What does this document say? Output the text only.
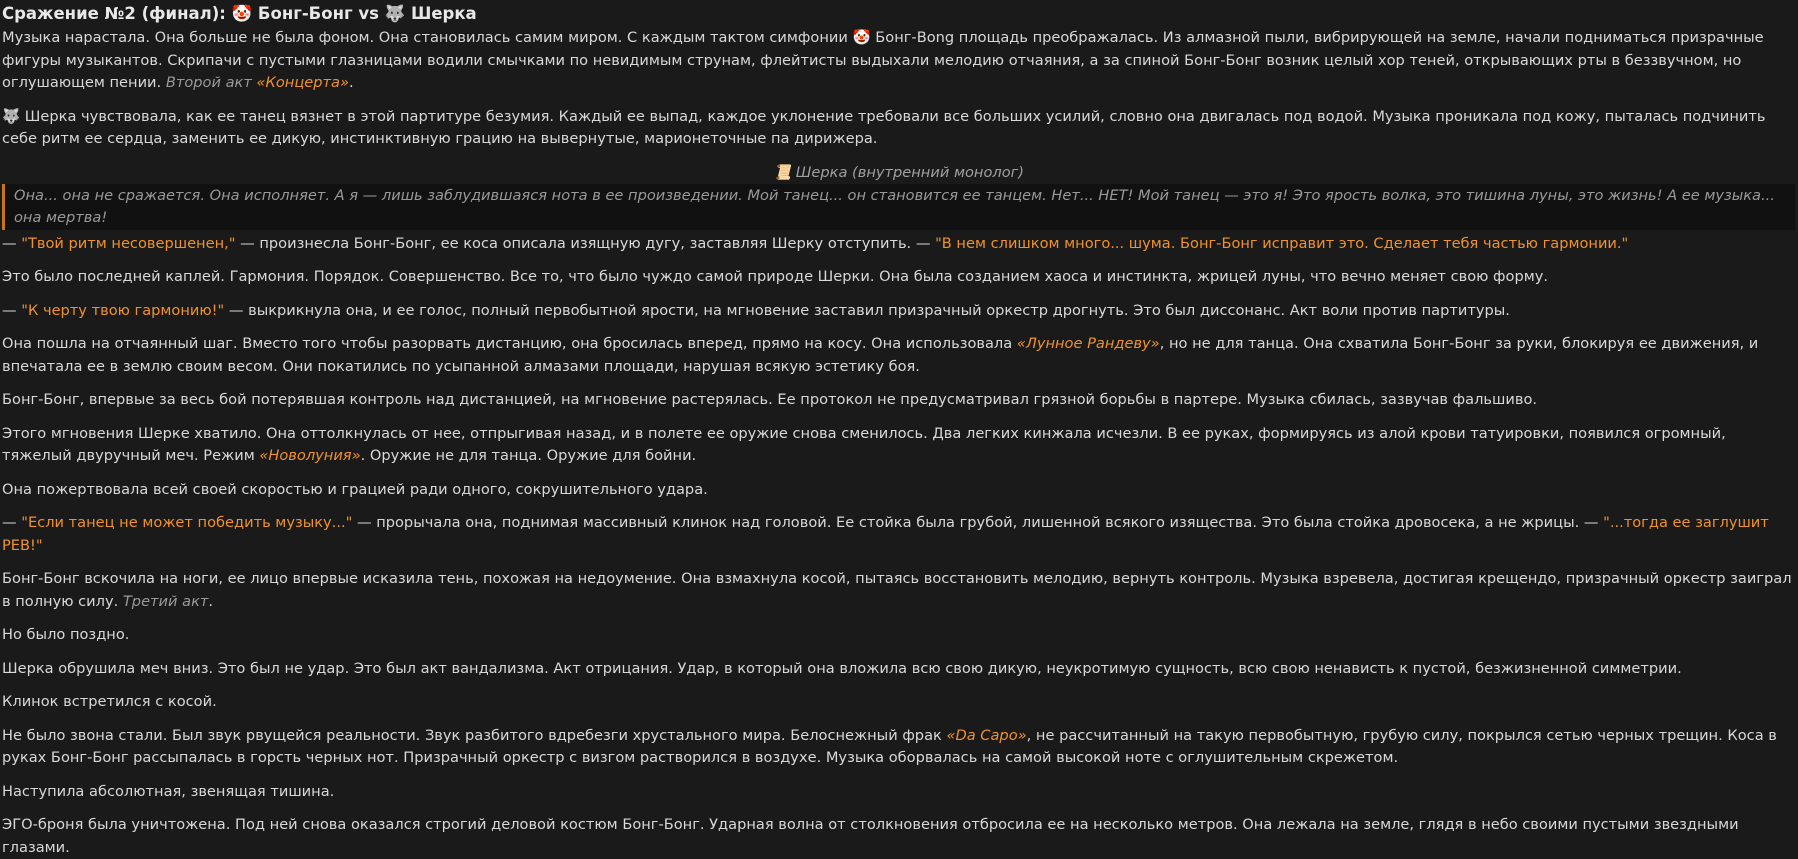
Сражение №2 (финал): 🤡 Бонг-Бонг vs 🐺 Шерка

Музыка нарастала. Она больше не была фоном. Она становилась самим миром. С каждым тактом симфонии 🤡 Бонг-Bong площадь преображалась. Из алмазной пыли, вибрирующей на земле, начали подниматься призрачные фигуры музыкантов. Скрипачи с пустыми глазницами водили смычками по невидимым струнам, флейтисты выдыхали мелодию отчаяния, а за спиной Бонг-Бонг возник целый хор теней, открывающих рты в беззвучном, но оглушающем пении. Второй акт «Концерта».

🐺 Шерка чувствовала, как ее танец вязнет в этой партитуре безумия. Каждый ее выпад, каждое уклонение требовали все больших усилий, словно она двигалась под водой. Музыка проникала под кожу, пыталась подчинить себе ритм ее сердца, заменить ее дикую, инстинктивную грацию на вывернутые, марионеточные па дирижера.

📜 Шерка (внутренний монолог)
Она... она не сражается. Она исполняет. А я — лишь заблудившаяся нота в ее произведении. Мой танец... он становится ее танцем. Нет... НЕТ! Мой танец — это я! Это ярость волка, это тишина луны, это жизнь! А ее музыка... она мертва!

— "Твой ритм несовершенен," — произнесла Бонг-Бонг, ее коса описала изящную дугу, заставляя Шерку отступить. — "В нем слишком много... шума. Бонг-Бонг исправит это. Сделает тебя частью гармонии."

Это было последней каплей. Гармония. Порядок. Совершенство. Все то, что было чуждо самой природе Шерки. Она была созданием хаоса и инстинкта, жрицей луны, что вечно меняет свою форму.

— "К черту твою гармонию!" — выкрикнула она, и ее голос, полный первобытной ярости, на мгновение заставил призрачный оркестр дрогнуть. Это был диссонанс. Акт воли против партитуры.

Она пошла на отчаянный шаг. Вместо того чтобы разорвать дистанцию, она бросилась вперед, прямо на косу. Она использовала «Лунное Рандеву», но не для танца. Она схватила Бонг-Бонг за руки, блокируя ее движения, и впечатала ее в землю своим весом. Они покатились по усыпанной алмазами площади, нарушая всякую эстетику боя.

Бонг-Бонг, впервые за весь бой потерявшая контроль над дистанцией, на мгновение растерялась. Ее протокол не предусматривал грязной борьбы в партере. Музыка сбилась, зазвучав фальшиво.

Этого мгновения Шерке хватило. Она оттолкнулась от нее, отпрыгивая назад, и в полете ее оружие снова сменилось. Два легких кинжала исчезли. В ее руках, формируясь из алой крови татуировки, появился огромный, тяжелый двуручный меч. Режим «Новолуния». Оружие не для танца. Оружие для бойни.

Она пожертвовала всей своей скоростью и грацией ради одного, сокрушительного удара.

— "Если танец не может победить музыку..." — прорычала она, поднимая массивный клинок над головой. Ее стойка была грубой, лишенной всякого изящества. Это была стойка дровосека, а не жрицы. — "...тогда ее заглушит РЕВ!"

Бонг-Бонг вскочила на ноги, ее лицо впервые исказила тень, похожая на недоумение. Она взмахнула косой, пытаясь восстановить мелодию, вернуть контроль. Музыка взревела, достигая крещендо, призрачный оркестр заиграл в полную силу. Третий акт.

Но было поздно.

Шерка обрушила меч вниз. Это был не удар. Это был акт вандализма. Акт отрицания. Удар, в который она вложила всю свою дикую, неукротимую сущность, всю свою ненависть к пустой, безжизненной симметрии.

Клинок встретился с косой.

Не было звона стали. Был звук рвущейся реальности. Звук разбитого вдребезги хрустального мира. Белоснежный фрак «Da Capo», не рассчитанный на такую первобытную, грубую силу, покрылся сетью черных трещин. Коса в руках Бонг-Бонг рассыпалась в горсть черных нот. Призрачный оркестр с визгом растворился в воздухе. Музыка оборвалась на самой высокой ноте с оглушительным скрежетом.

Наступила абсолютная, звенящая тишина.

ЭГО-броня была уничтожена. Под ней снова оказался строгий деловой костюм Бонг-Бонг. Ударная волна от столкновения отбросила ее на несколько метров. Она лежала на земле, глядя в небо своими пустыми звездными глазами.
